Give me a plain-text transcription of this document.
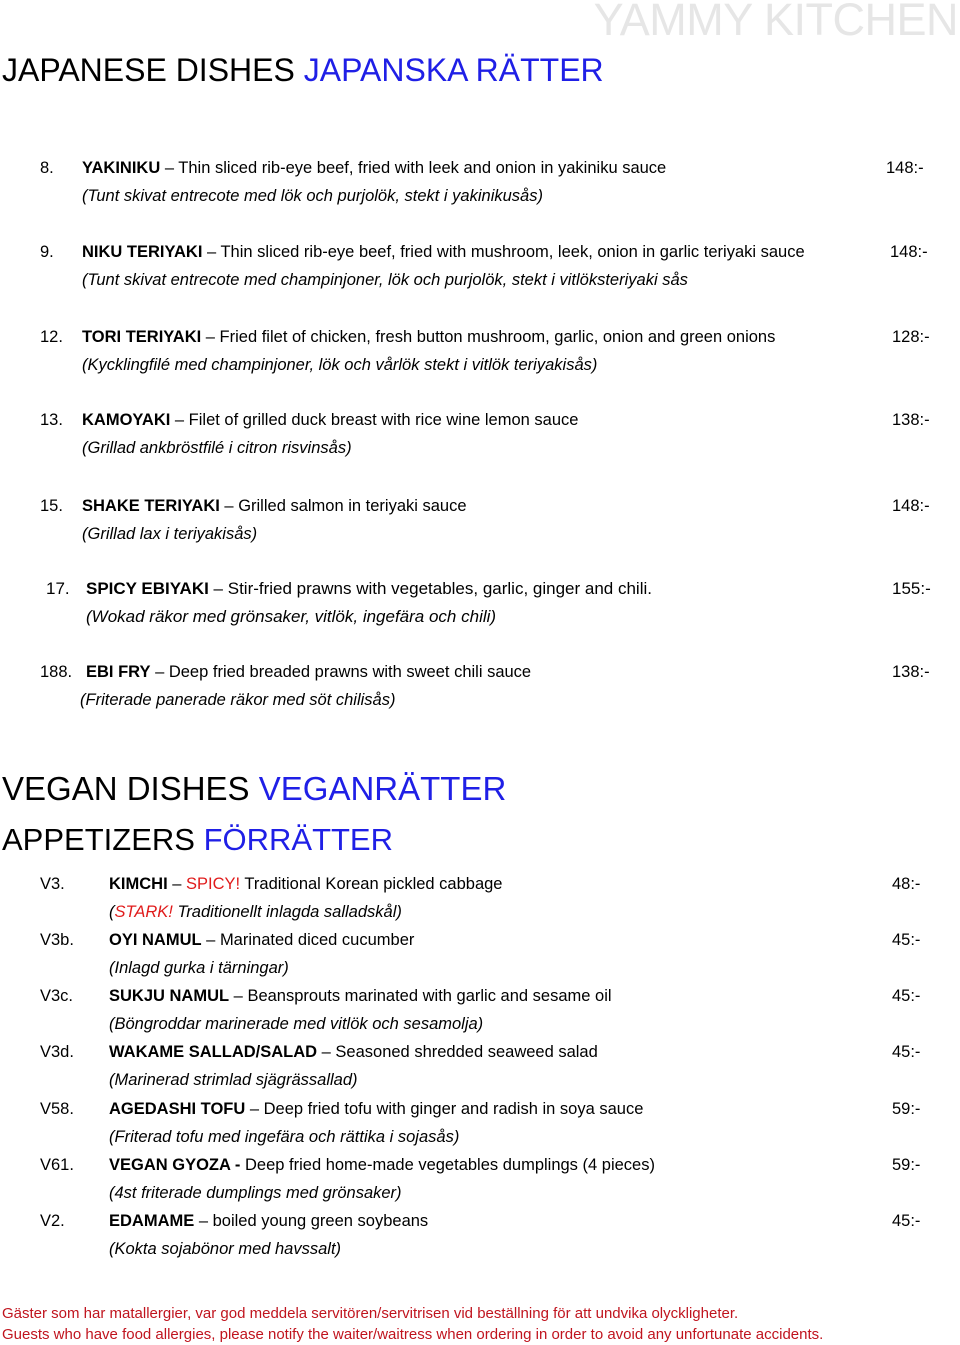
YAMMY KITCHEN
JAPANESE DISHES JAPANSKA RÄTTER
8. YAKINIKU – Thin sliced rib-eye beef, fried with leek and onion in yakiniku sauce
(Tunt skivat entrecote med lök och purjolök, stekt i yakinikusås)
148:-
9. NIKU TERIYAKI – Thin sliced rib-eye beef, fried with mushroom, leek, onion in garlic teriyaki sauce
(Tunt skivat entrecote med champinjoner, lök och purjolök, stekt i vitlöksteriyaki sås
148:-
12. TORI TERIYAKI – Fried filet of chicken, fresh button mushroom, garlic, onion and green onions
(Kycklingfilé med champinjoner, lök och vårlök stekt i vitlök teriyakisås)
128:-
13. KAMOYAKI – Filet of grilled duck breast with rice wine lemon sauce
(Grillad ankbröstfilé i citron risvinsås)
138:-
15. SHAKE TERIYAKI – Grilled salmon in teriyaki sauce
(Grillad lax i teriyakisås)
148:-
17. SPICY EBIYAKI – Stir-fried prawns with vegetables, garlic, ginger and chili.
(Wokad räkor med grönsaker, vitlök, ingefära och chili)
155:-
188. EBI FRY – Deep fried breaded prawns with sweet chili sauce
(Friterade panerade räkor med söt chilisås)
138:-
VEGAN DISHES VEGANRÄTTER
APPETIZERS FÖRRÄTTER
V3.	KIMCHI – SPICY! Traditional Korean pickled cabbage
(STARK! Traditionellt inlagda salladskål)
48:-
V3b. OYI NAMUL – Marinated diced cucumber
(Inlagd gurka i tärningar)
45:-
V3c. SUKJU NAMUL – Beansprouts marinated with garlic and sesame oil
(Böngroddar marinerade med vitlök och sesamolja)
45:-
V3d. WAKAME SALLAD/SALAD – Seasoned shredded seaweed salad
(Marinerad strimlad sjägrässallad)
45:-
V58. AGEDASHI TOFU – Deep fried tofu with ginger and radish in soya sauce
(Friterad tofu med ingefära och rättika i sojasås)
59:-
V61. VEGAN GYOZA - Deep fried home-made vegetables dumplings (4 pieces)
(4st friterade dumplings med grönsaker)
59:-
V2.	EDAMAME – boiled young green soybeans
(Kokta sojabönor med havssalt)
45:-
Gäster som har matallergier, var god meddela servitören/servitrisen vid beställning för att undvika olyckligheter.
Guests who have food allergies, please notify the waiter/waitress when ordering in order to avoid any unfortunate accidents.
